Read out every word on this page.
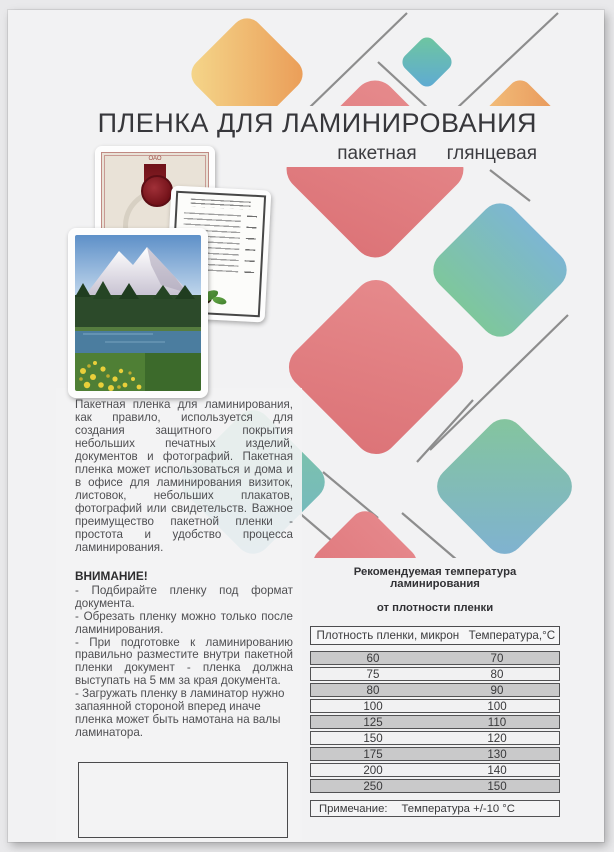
ПЛЕНКА ДЛЯ ЛАМИНИРОВАНИЯ
пакетная глянцевая
ОАО
Пакетная пленка для ламинирования, как правило, используется для создания защитного покрытия небольших печатных изделий, документов и фотографий. Пакетная пленка может использоваться и дома и в офисе для ламинирования визиток, листовок, небольших плакатов, фотографий или свидетельств. Важное преимущество пакетной пленки - простота и удобство процесса ламинирования.
ВНИМАНИЕ!

- Подбирайте пленку под формат документа.

- Обрезать пленку можно только после ламинирования.

- При подготовке к ламинированию правильно разместите внутри пакетной пленки документ - пленка должна выступать на 5 мм за края документа.

- Загружать пленку в ламинатор нужно запаянной стороной вперед иначе пленка может быть намотана на валы ламинатора.

Рекомендуемая температура ламинирования
от плотности пленки
Плотность пленки, микрон Температура,°С
60	70
75	80
80	90
100	100
125	110
150	120
175	130
200	140
250	150
Примечание: Температура +/-10 °С
